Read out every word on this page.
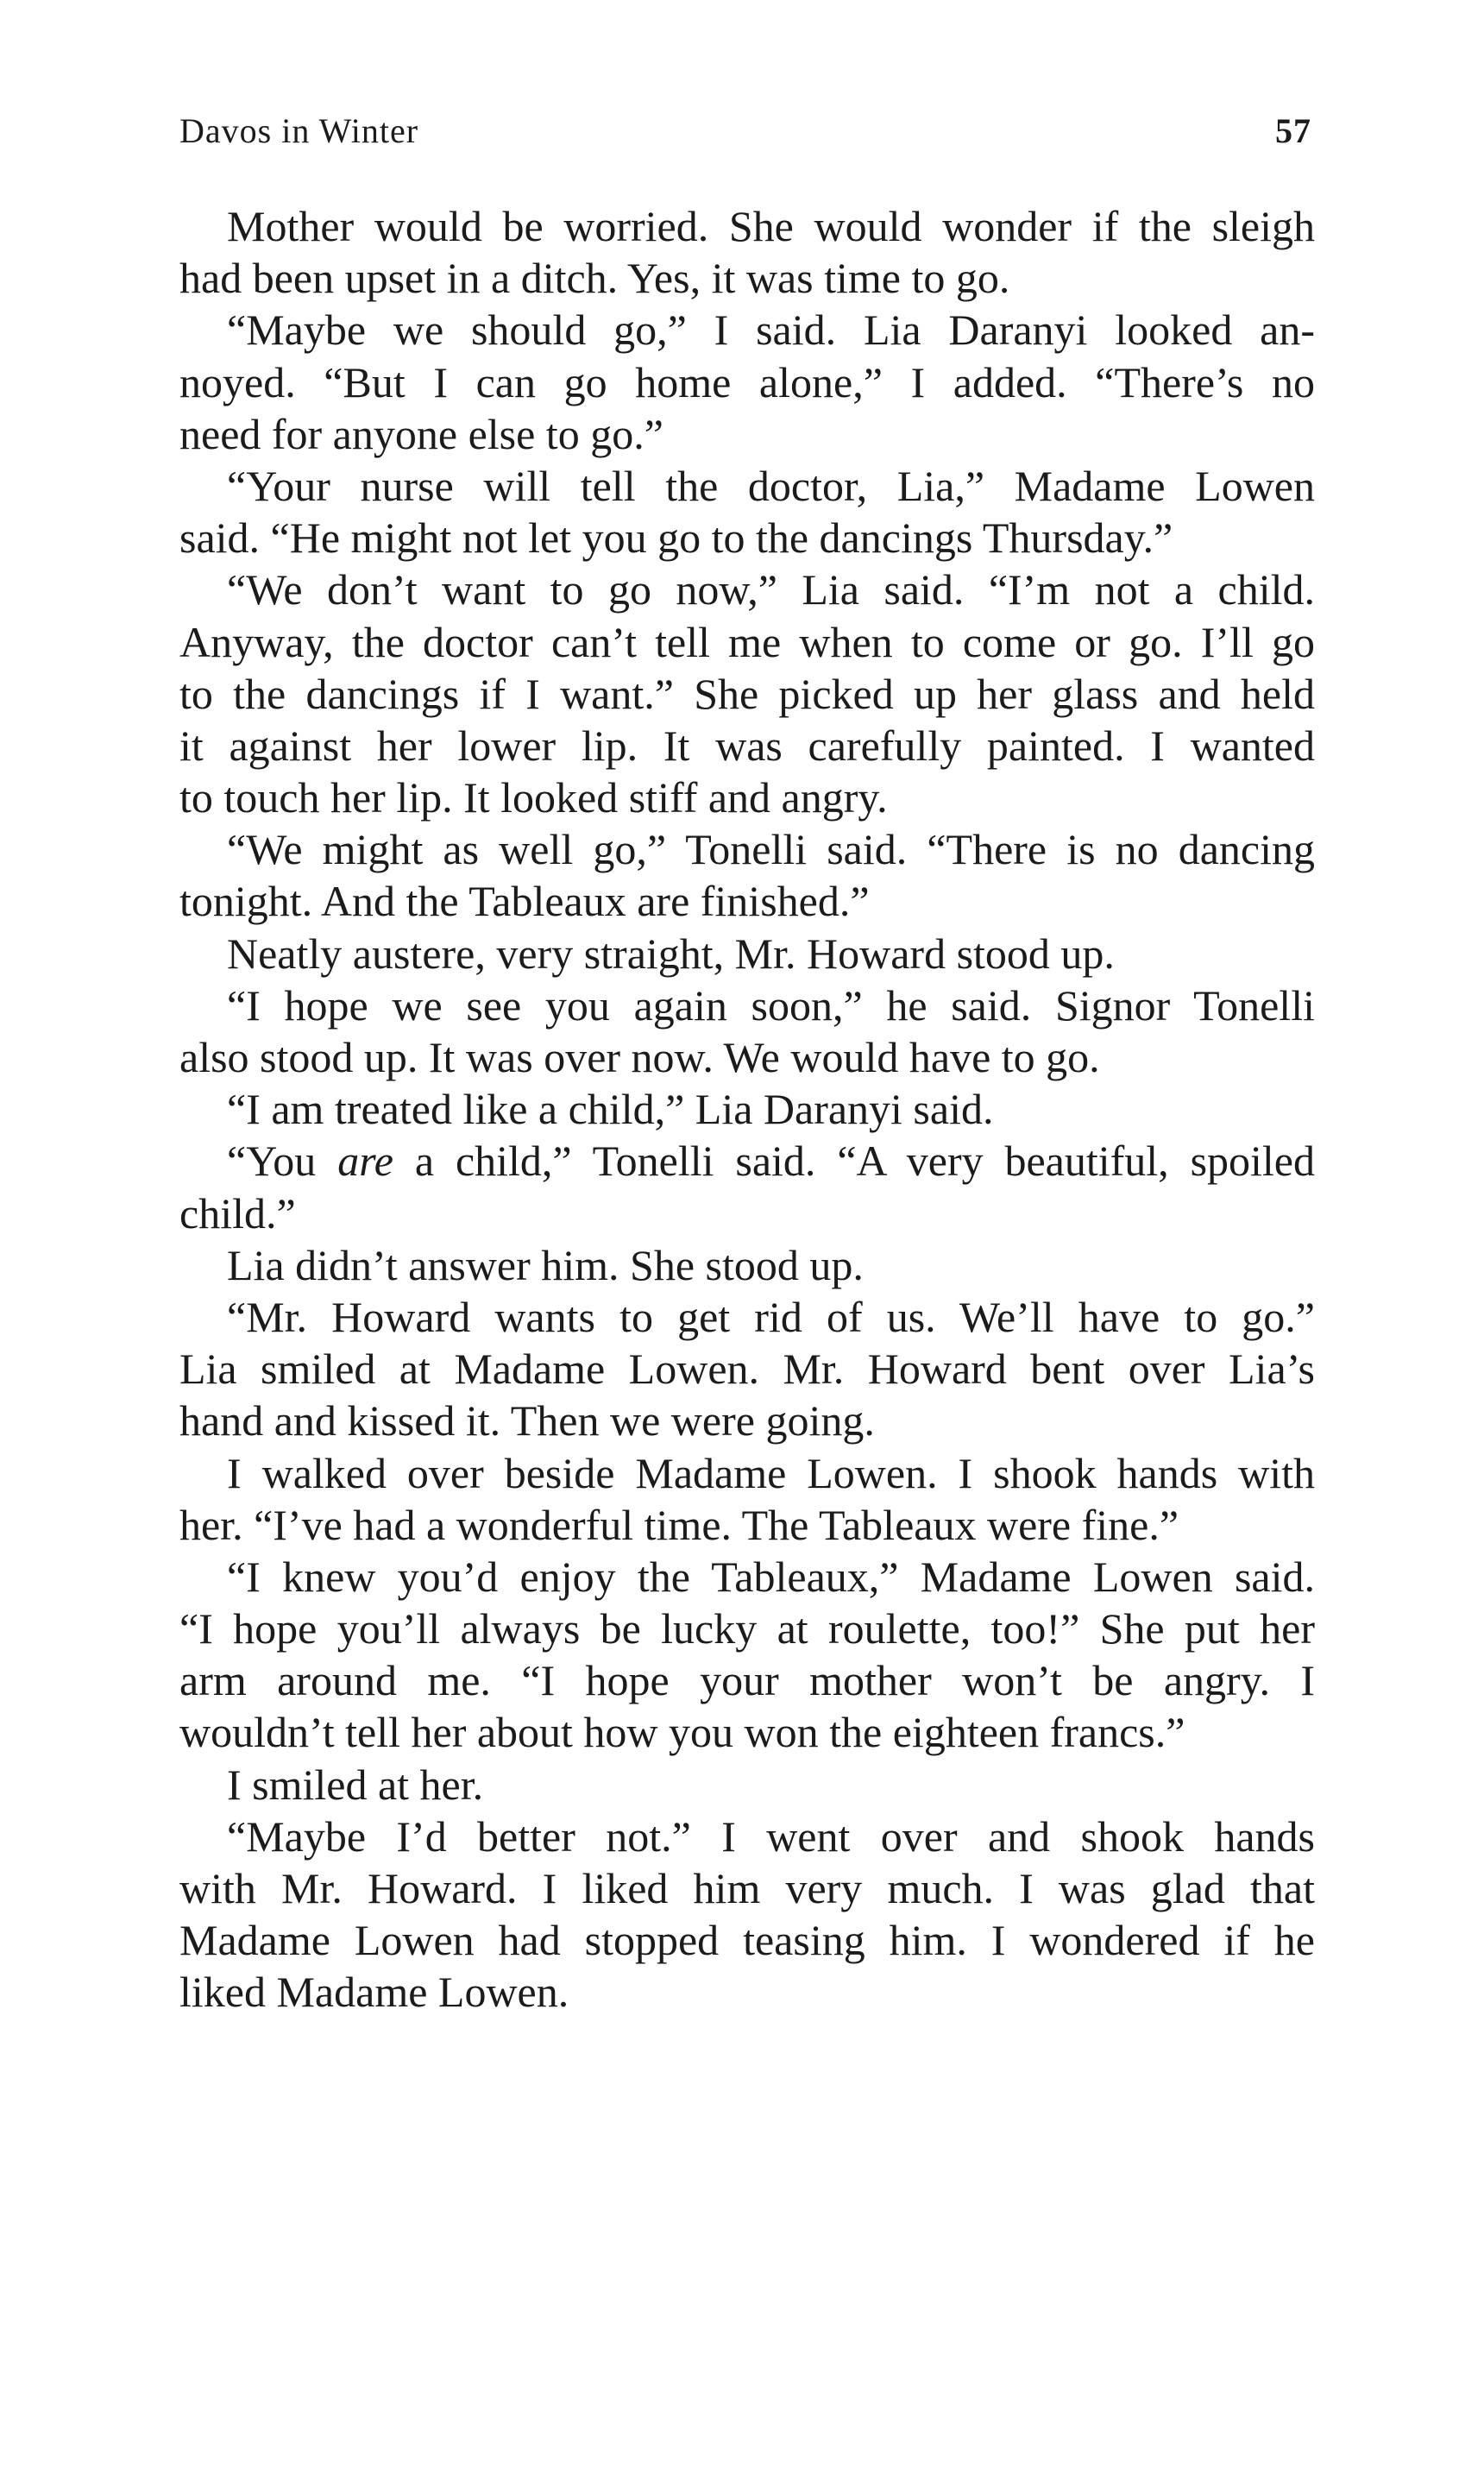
Davos in Winter	57
Mother would be worried. She would wonder if the sleigh
had been upset in a ditch. Yes, it was time to go.
“Maybe we should go,” I said. Lia Daranyi looked an-
noyed. “But I can go home alone,” I added. “There’s no
need for anyone else to go.”
“Your nurse will tell the doctor, Lia,” Madame Lowen
said. “He might not let you go to the dancings Thursday.”
“We don’t want to go now,” Lia said. “I’m not a child.
Anyway, the doctor can’t tell me when to come or go. I’ll go
to the dancings if I want.” She picked up her glass and held
it against her lower lip. It was carefully painted. I wanted
to touch her lip. It looked stiff and angry.
“We might as well go,” Tonelli said. “There is no dancing
tonight. And the Tableaux are finished.”
Neatly austere, very straight, Mr. Howard stood up.
“I hope we see you again soon,” he said. Signor Tonelli
also stood up. It was over now. We would have to go.
“I am treated like a child,” Lia Daranyi said.
“You are a child,” Tonelli said. “A very beautiful, spoiled
child.”
Lia didn’t answer him. She stood up.
“Mr. Howard wants to get rid of us. We’ll have to go.”
Lia smiled at Madame Lowen. Mr. Howard bent over Lia’s
hand and kissed it. Then we were going.
I walked over beside Madame Lowen. I shook hands with
her. “I’ve had a wonderful time. The Tableaux were fine.”
“I knew you’d enjoy the Tableaux,” Madame Lowen said.
“I hope you’ll always be lucky at roulette, too!” She put her
arm around me. “I hope your mother won’t be angry. I
wouldn’t tell her about how you won the eighteen francs.”
I smiled at her.
“Maybe I’d better not.” I went over and shook hands
with Mr. Howard. I liked him very much. I was glad that
Madame Lowen had stopped teasing him. I wondered if he
liked Madame Lowen.
